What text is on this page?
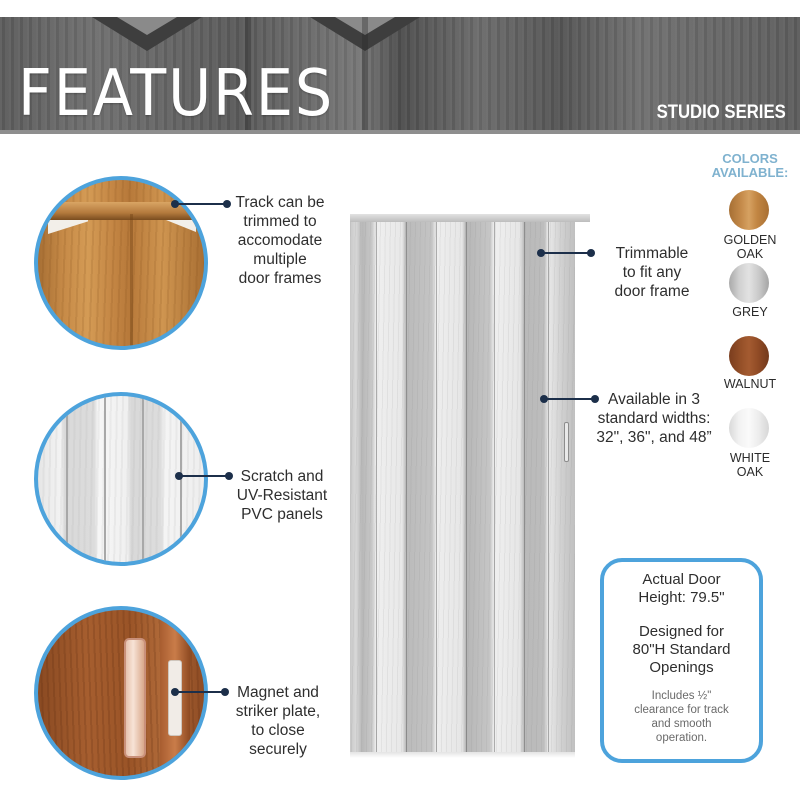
FEATURES	STUDIO SERIES
Track can be
trimmed to
accomodate
multiple
door frames
Scratch and
UV-Resistant
PVC panels
Magnet and
striker plate,
to close
securely
Trimmable
to fit any
door frame
Available in 3
standard widths:
32", 36", and 48”
COLORS
AVAILABLE:
GOLDEN
OAK
GREY
WALNUT
WHITE
OAK
Actual Door
Height: 79.5"
Designed for
80"H Standard
Openings
Includes ½"
clearance for track
and smooth
operation.
